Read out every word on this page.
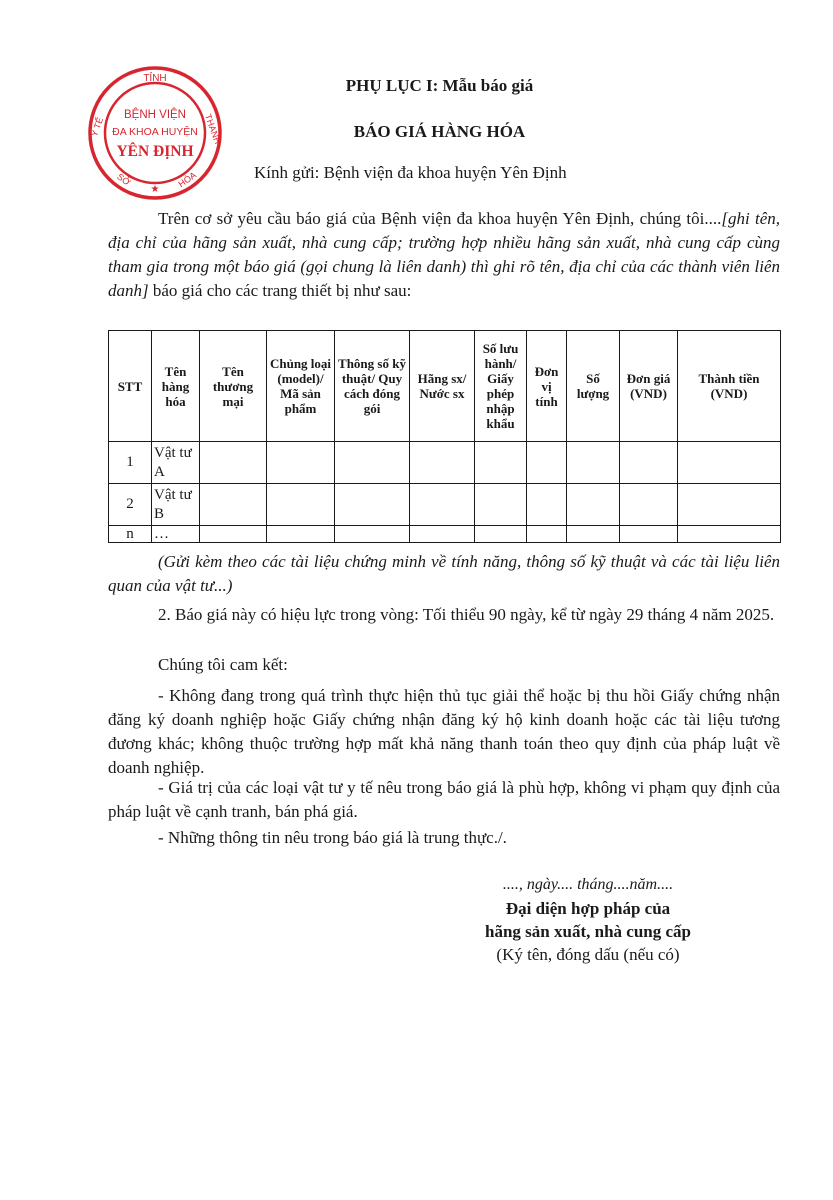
TỈNH
Y TẾ	THANH
SỞ	HÓA
★
BỆNH VIỆN
ĐA KHOA HUYỆN
YÊN ĐỊNH
PHỤ LỤC I: Mẫu báo giá
BÁO GIÁ HÀNG HÓA
Kính gửi: Bệnh viện đa khoa huyện Yên Định
Trên cơ sở yêu cầu báo giá của Bệnh viện đa khoa huyện Yên Định, chúng tôi....[ghi tên, địa chỉ của hãng sản xuất, nhà cung cấp; trường hợp nhiều hãng sản xuất, nhà cung cấp cùng tham gia trong một báo giá (gọi chung là liên danh) thì ghi rõ tên, địa chỉ của các thành viên liên danh] báo giá cho các trang thiết bị như sau:
STT	Tên hàng hóa	Tên thương mại	Chủng loại (model)/ Mã sản phẩm	Thông số kỹ thuật/ Quy cách đóng gói	Hãng sx/ Nước sx	Số lưu hành/ Giấy phép nhập khẩu	Đơn vị tính	Số lượng	Đơn giá (VND)	Thành tiền (VND)
1	Vật tư A									
2	Vật tư B									
n	…									
(Gửi kèm theo các tài liệu chứng minh về tính năng, thông số kỹ thuật và các tài liệu liên quan của vật tư...)
2. Báo giá này có hiệu lực trong vòng: Tối thiểu 90 ngày, kể từ ngày 29 tháng 4 năm 2025.
Chúng tôi cam kết:
- Không đang trong quá trình thực hiện thủ tục giải thể hoặc bị thu hồi Giấy chứng nhận đăng ký doanh nghiệp hoặc Giấy chứng nhận đăng ký hộ kinh doanh hoặc các tài liệu tương đương khác; không thuộc trường hợp mất khả năng thanh toán theo quy định của pháp luật về doanh nghiệp.
- Giá trị của các loại vật tư y tế nêu trong báo giá là phù hợp, không vi phạm quy định của pháp luật về cạnh tranh, bán phá giá.
- Những thông tin nêu trong báo giá là trung thực./.
...., ngày.... tháng....năm....
Đại diện hợp pháp của
hãng sản xuất, nhà cung cấp
(Ký tên, đóng dấu (nếu có)
